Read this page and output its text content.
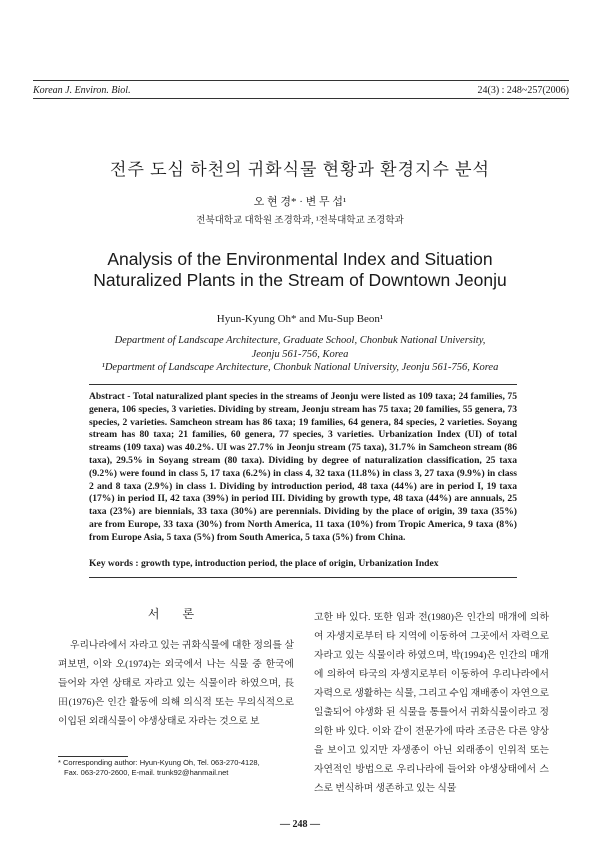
Korean J. Environ. Biol.	24(3) : 248~257(2006)
전주 도심 하천의 귀화식물 현황과 환경지수 분석
오 현 경* · 변 무 섭¹
전북대학교 대학원 조경학과, ¹전북대학교 조경학과
Analysis of the Environmental Index and Situation
Naturalized Plants in the Stream of Downtown Jeonju
Hyun-Kyung Oh* and Mu-Sup Beon¹
Department of Landscape Architecture, Graduate School, Chonbuk National University,
Jeonju 561-756, Korea
¹Department of Landscape Architecture, Chonbuk National University, Jeonju 561-756, Korea

Abstract - Total naturalized plant species in the streams of Jeonju were listed as 109 taxa; 24 families, 75 genera, 106 species, 3 varieties. Dividing by stream, Jeonju stream has 75 taxa; 20 families, 55 genera, 73 species, 2 varieties. Samcheon stream has 86 taxa; 19 families, 64 genera, 84 species, 2 varieties. Soyang stream has 80 taxa; 21 families, 60 genera, 77 species, 3 varieties. Urbanization Index (UI) of total streams (109 taxa) was 40.2%. UI was 27.7% in Jeonju stream (75 taxa), 31.7% in Samcheon stream (86 taxa), 29.5% in Soyang stream (80 taxa). Dividing by degree of naturalization classification, 25 taxa (9.2%) were found in class 5, 17 taxa (6.2%) in class 4, 32 taxa (11.8%) in class 3, 27 taxa (9.9%) in class 2 and 8 taxa (2.9%) in class 1. Dividing by introduction period, 48 taxa (44%) are in period I, 19 taxa (17%) in period II, 42 taxa (39%) in period III. Dividing by growth type, 48 taxa (44%) are annuals, 25 taxa (23%) are biennials, 33 taxa (30%) are perennials. Dividing by the place of origin, 39 taxa (35%) are from Europe, 33 taxa (30%) from North America, 11 taxa (10%) from Tropic America, 9 taxa (8%) from Europe Asia, 5 taxa (5%) from South America, 5 taxa (5%) from China.

Key words : growth type, introduction period, the place of origin, Urbanization Index

우리나라에서 자라고 있는 귀화식물에 대한 정의를 살펴보면, 이와 오(1974)는 외국에서 나는 식물 중 한국에 들어와 자연 상태로 자라고 있는 식물이라 하였으며, 長田(1976)은 인간 활동에 의해 의식적 또는 무의식적으로 이입된 외래식물이 야생상태로 자라는 것으로 보

서 론	고한 바 있다. 또한 임과 전(1980)은 인간의 매개에 의하여 자생지로부터 타 지역에 이동하여 그곳에서 자력으로 자라고 있는 식물이라 하였으며, 박(1994)은 인간의 매개에 의하여 타국의 자생지로부터 이동하여 우리나라에서 자력으로 생활하는 식물, 그리고 수입 재배종이 자연으로 일출되어 야생화 된 식물을 통틀어서 귀화식물이라고 정의한 바 있다. 이와 같이 전문가에 따라 조금은 다른 양상을 보이고 있지만 자생종이 아닌 외래종이 인위적 또는 자연적인 방법으로 우리나라에 들어와 야생상태에서 스스로 번식하며 생존하고 있는 식물

* Corresponding author: Hyun-Kyung Oh, Tel. 063-270-4128,
Fax. 063-270-2600, E-mail. trunk92@hanmail.net
— 248 —
